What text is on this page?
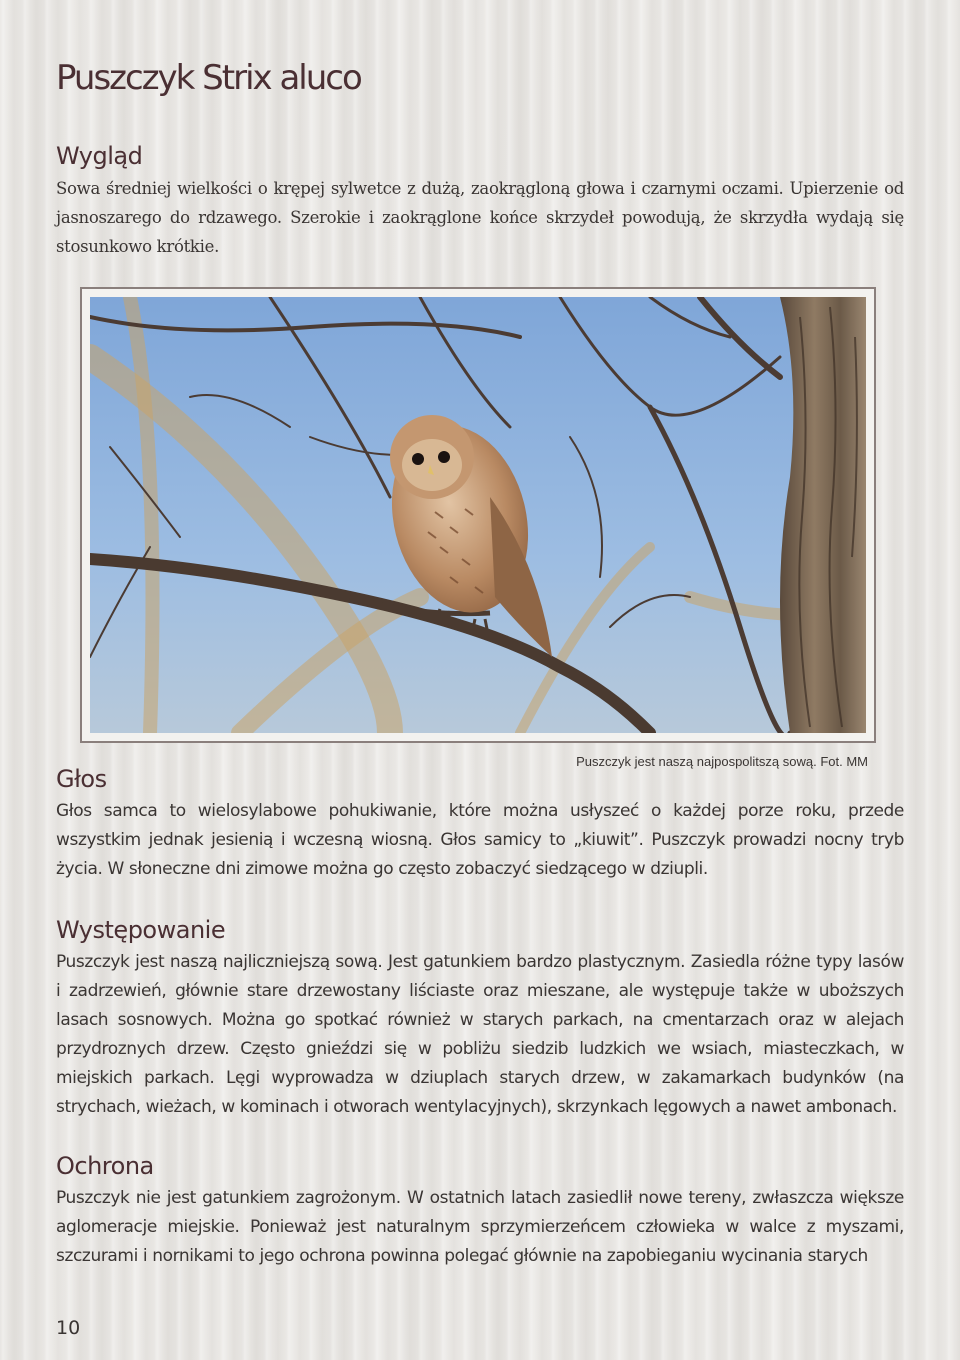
Puszczyk Strix aluco
Wygląd

Sowa średniej wielkości o krępej sylwetce z dużą, zaokrągloną głowa i czarnymi oczami. Upierzenie od jasnoszarego do rdzawego. Szerokie i zaokrąglone końce skrzydeł powodują, że skrzydła wydają się stosunkowo krótkie.

Puszczyk jest naszą najpospolitszą sową. Fot. MM

Głos

Głos samca to wielosylabowe pohukiwanie, które można usłyszeć o każdej porze roku, przede wszystkim jednak jesienią i wczesną wiosną. Głos samicy to „kiuwit”. Puszczyk prowadzi nocny tryb życia. W słoneczne dni zimowe można go często zobaczyć siedzącego w dziupli.

Występowanie

Puszczyk jest naszą najliczniejszą sową. Jest gatunkiem bardzo plastycznym. Zasiedla różne typy lasów i zadrzewień, głównie stare drzewostany liściaste oraz mieszane, ale występuje także w uboższych lasach sosnowych. Można go spotkać również w starych parkach, na cmentarzach oraz w alejach przydroznych drzew. Często gnieździ się w pobliżu siedzib ludzkich we wsiach, miasteczkach, w miejskich parkach. Lęgi wyprowadza w dziuplach starych drzew, w zakamarkach budynków (na strychach, wieżach, w kominach i otworach wentylacyjnych), skrzynkach lęgowych a nawet ambonach.

Ochrona

Puszczyk nie jest gatunkiem zagrożonym. W ostatnich latach zasiedlił nowe tereny, zwłaszcza większe aglomeracje miejskie. Ponieważ jest naturalnym sprzymierzeńcem człowieka w walce z myszami, szczurami i nornikami to jego ochrona powinna polegać głównie na zapobieganiu wycinania starych

10
